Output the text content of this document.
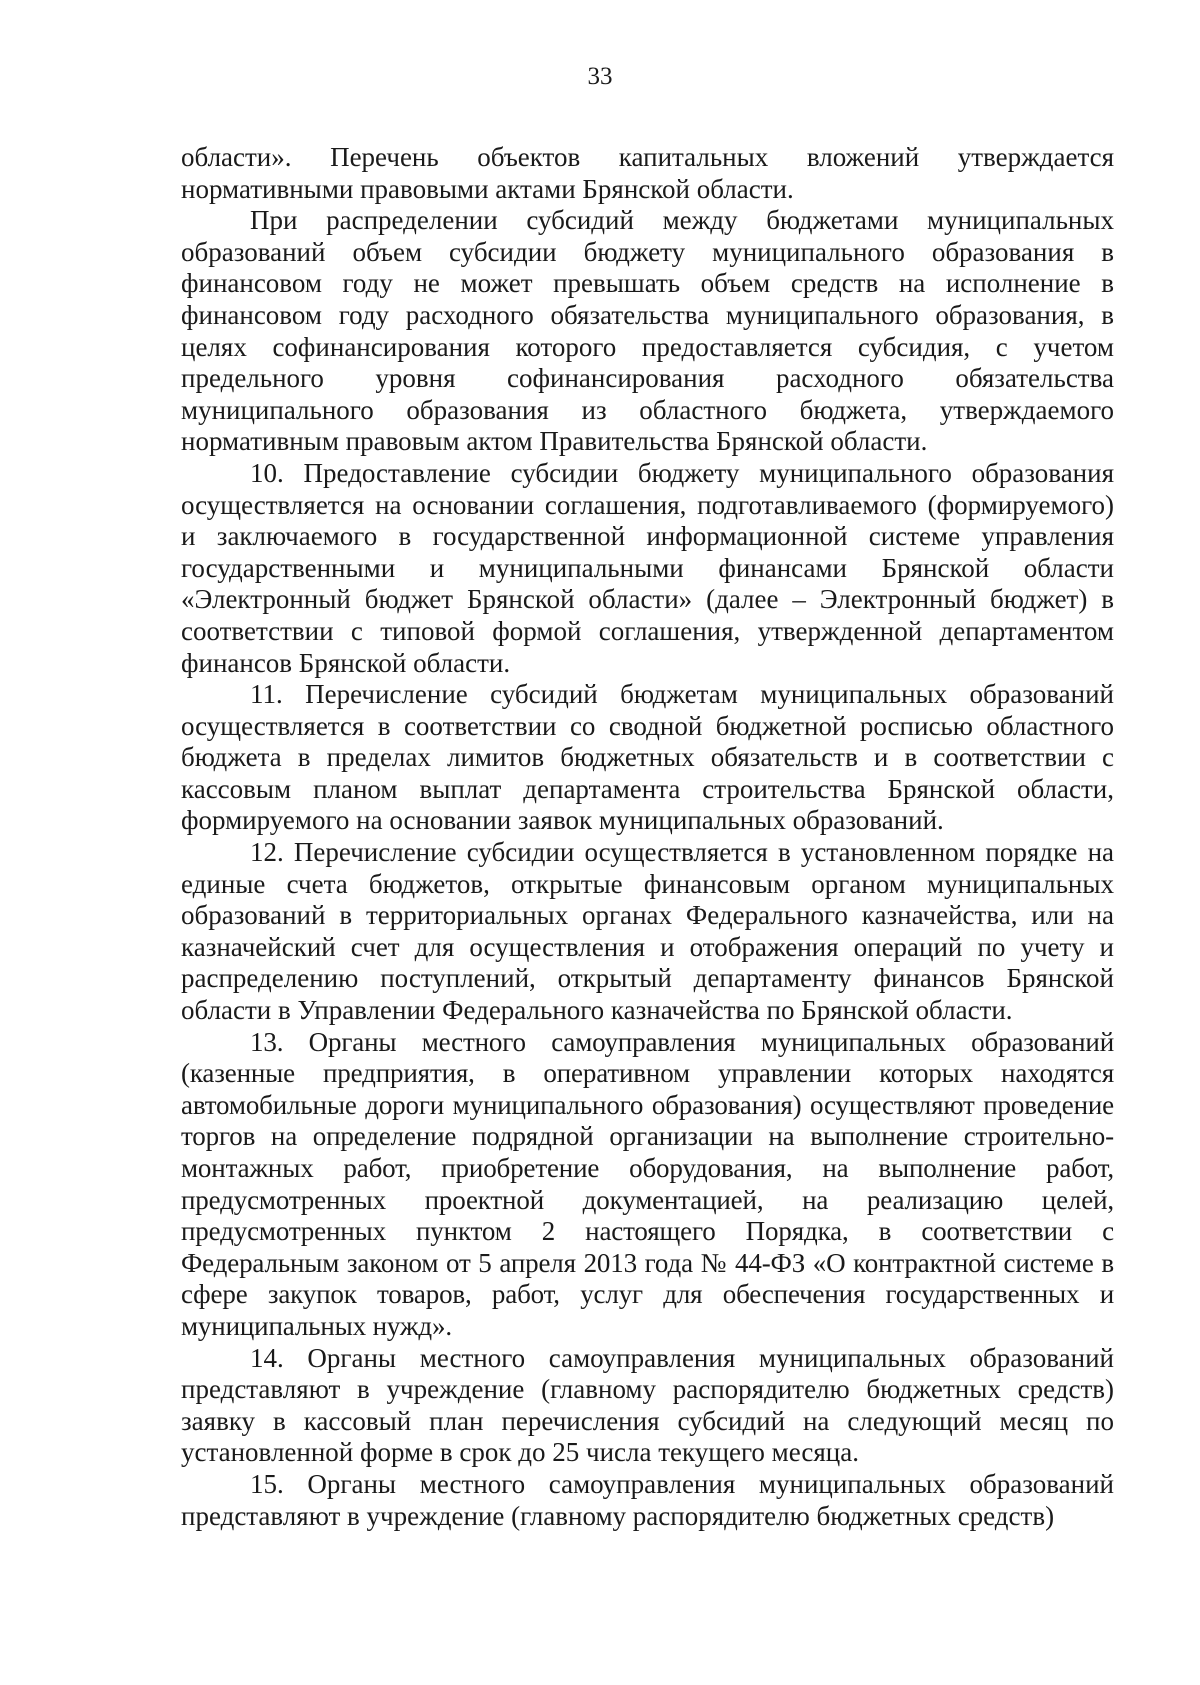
33

области». Перечень объектов капитальных вложений утверждается нормативными правовыми актами Брянской области.

При распределении субсидий между бюджетами муниципальных образований объем субсидии бюджету муниципального образования в финансовом году не может превышать объем средств на исполнение в финансовом году расходного обязательства муниципального образования, в целях софинансирования которого предоставляется субсидия, с учетом предельного уровня софинансирования расходного обязательства муниципального образования из областного бюджета, утверждаемого нормативным правовым актом Правительства Брянской области.

10. Предоставление субсидии бюджету муниципального образования осуществляется на основании соглашения, подготавливаемого (формируемого) и заключаемого в государственной информационной системе управления государственными и муниципальными финансами Брянской области «Электронный бюджет Брянской области» (далее – Электронный бюджет) в соответствии с типовой формой соглашения, утвержденной департаментом финансов Брянской области.

11. Перечисление субсидий бюджетам муниципальных образований осуществляется в соответствии со сводной бюджетной росписью областного бюджета в пределах лимитов бюджетных обязательств и в соответствии с кассовым планом выплат департамента строительства Брянской области, формируемого на основании заявок муниципальных образований.

12. Перечисление субсидии осуществляется в установленном порядке на единые счета бюджетов, открытые финансовым органом муниципальных образований в территориальных органах Федерального казначейства, или на казначейский счет для осуществления и отображения операций по учету и распределению поступлений, открытый департаменту финансов Брянской области в Управлении Федерального казначейства по Брянской области.

13. Органы местного самоуправления муниципальных образований (казенные предприятия, в оперативном управлении которых находятся автомобильные дороги муниципального образования) осуществляют проведение торгов на определение подрядной организации на выполнение строительно-монтажных работ, приобретение оборудования, на выполнение работ, предусмотренных проектной документацией, на реализацию целей, предусмотренных пунктом 2 настоящего Порядка, в соответствии с Федеральным законом от 5 апреля 2013 года № 44-ФЗ «О контрактной системе в сфере закупок товаров, работ, услуг для обеспечения государственных и муниципальных нужд».

14. Органы местного самоуправления муниципальных образований представляют в учреждение (главному распорядителю бюджетных средств) заявку в кассовый план перечисления субсидий на следующий месяц по установленной форме в срок до 25 числа текущего месяца.

15. Органы местного самоуправления муниципальных образований представляют в учреждение (главному распорядителю бюджетных средств)
